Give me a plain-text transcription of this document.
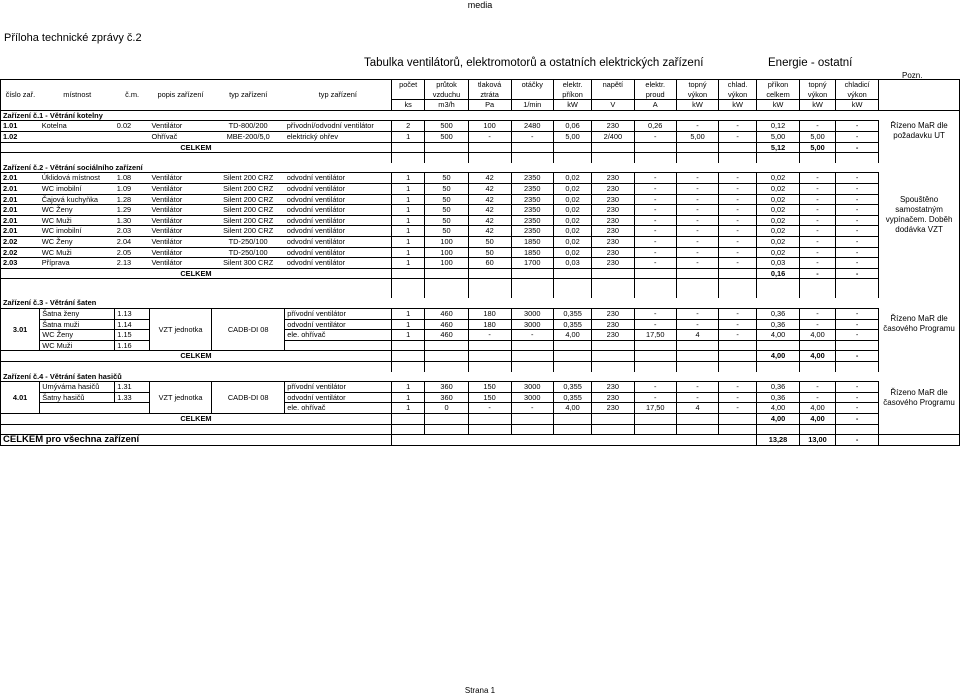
media
Příloha technické zprávy č.2
Tabulka ventilátorů, elektromotorů a ostatních elektrických zařízení	Energie - ostatní
Pozn.
						počet	průtok	tlaková	otáčky	elektr.	napětí	elektr.	topný	chlad.	příkon	topný	chladicí	
číslo zař.	místnost	č.m.	popis zařízení	typ zařízení	typ zařízení		vzduchu	ztráta		příkon		proud	výkon	výkon	celkem	výkon	výkon	
						ks	m3/h	Pa	1/min	kW	V	A	kW	kW	kW	kW	kW	
Zařízení č.1 - Větrání kotelny																		
1.01	Kotelna	0.02	Ventilátor	TD-800/200	přívodní/odvodní ventilátor	2	500	100	2480	0,06	230	0,26	-	-	0,12	-	-	Řízeno MaR dle požadavku UT
1.02			Ohřívač	MBE-200/5,0	elektrický ohřev	1	500	-	-	5,00	2/400	-	5,00	-	5,00	5,00	-	
CELKEM															5,12	5,00	-	

Zařízení č.2 - Větrání sociálního zařízení																		
2.01	Úklidová místnost	1.08	Ventilátor	Silent 200 CRZ	odvodní ventilátor	1	50	42	2350	0,02	230	-	-	-	0,02	-	-	
2.01	WC imobilní	1.09	Ventilátor	Silent 200 CRZ	odvodní ventilátor	1	50	42	2350	0,02	230	-	-	-	0,02	-	-	Spouštěno samostatným vypínačem. Doběh dodávka VZT
2.01	Čajová kuchyňka	1.28	Ventilátor	Silent 200 CRZ	odvodní ventilátor	1	50	42	2350	0,02	230	-	-	-	0,02	-	-	
2.01	WC Ženy	1.29	Ventilátor	Silent 200 CRZ	odvodní ventilátor	1	50	42	2350	0,02	230	-	-	-	0,02	-	-	
2.01	WC Muži	1.30	Ventilátor	Silent 200 CRZ	odvodní ventilátor	1	50	42	2350	0,02	230	-	-	-	0,02	-	-	
2.01	WC imobilní	2.03	Ventilátor	Silent 200 CRZ	odvodní ventilátor	1	50	42	2350	0,02	230	-	-	-	0,02	-	-	
2.02	WC Ženy	2.04	Ventilátor	TD-250/100	odvodní ventilátor	1	100	50	1850	0,02	230	-	-	-	0,02	-	-	
2.02	WC Muži	2.05	Ventilátor	TD-250/100	odvodní ventilátor	1	100	50	1850	0,02	230	-	-	-	0,02	-	-	
2.03	Příprava	2.13	Ventilátor	Silent 300 CRZ	odvodní ventilátor	1	100	60	1700	0,03	230	-	-	-	0,03	-	-	
CELKEM															0,16	-	-	

Zařízení č.3 - Větrání šaten																		
3.01	Šatna ženy	1.13	VZT jednotka	CADB-DI 08	přívodní ventilátor	1	460	180	3000	0,355	230	-	-	-	0,36	-	-	Řízeno MaR dle časového Programu
	Šatna muži	1.14			odvodní ventilátor	1	460	180	3000	0,355	230	-	-	-	0,36	-	-	
	WC Ženy	1.15			ele. ohřívač	1	460	-	-	4,00	230	17,50	4	-	4,00	4,00	-	
	WC Muži	1.16																
CELKEM															4,00	4,00	-	

Zařízení č.4 - Větrání šaten hasičů																		
4.01	Umývárna hasičů	1.31	VZT jednotka	CADB-DI 08	přívodní ventilátor	1	360	150	3000	0,355	230	-	-	-	0,36	-	-	Řízeno MaR dle časového Programu
	Šatny hasičů	1.33			odvodní ventilátor	1	360	150	3000	0,355	230	-	-	-	0,36	-	-	
					ele. ohřívač	1	0	-	-	4,00	230	17,50	4	-	4,00	4,00	-	
CELKEM															4,00	4,00	-	

CELKEM pro všechna zařízení															13,28	13,00	-	
Strana 1
